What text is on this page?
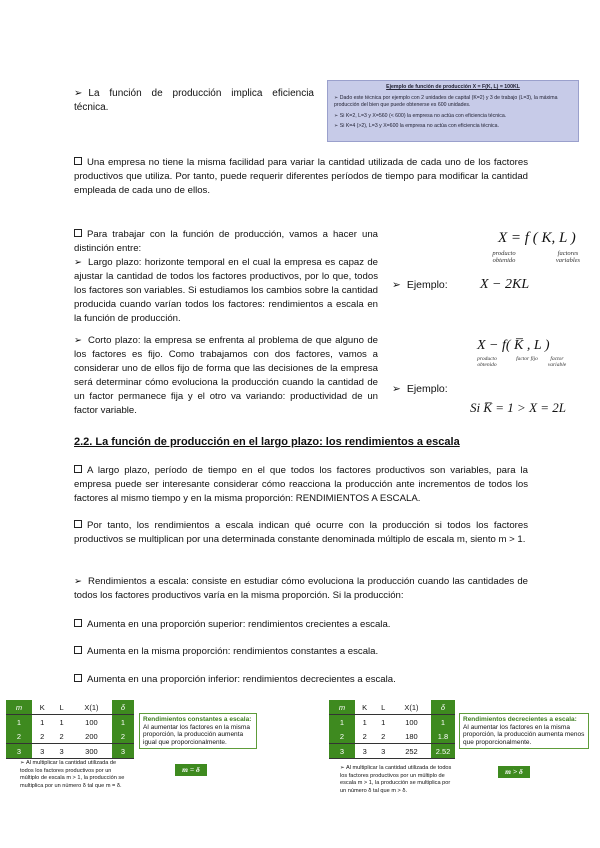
➢ La función de producción implica eficiencia técnica.
Ejemplo de función de producción X = F(K, L) = 100KL
➢ Dado este técnica por ejemplo con 2 unidades de capital (K=2) y 3 de trabajo (L=3), la máxima producción del bien que puede obtenerse es 600 unidades.
➢ Si K=2, L=3 y X=560 (< 600) la empresa no actúa con eficiencia técnica.
➢ Si K=4 (>2), L=3 y X=600 la empresa no actúa con eficiencia técnica.
Una empresa no tiene la misma facilidad para variar la cantidad utilizada de cada uno de los factores productivos que utiliza. Por tanto, puede requerir diferentes períodos de tiempo para modificar la cantidad empleada de cada uno de ellos.
Para trabajar con la función de producción, vamos a hacer una distinción entre:
➢ Largo plazo: horizonte temporal en el cual la empresa es capaz de ajustar la cantidad de todos los factores productivos, por lo que, todos los factores son variables. Si estudiamos los cambios sobre la cantidad producida cuando varían todos los factores: rendimientos a escala en la función de producción.
X = f ( K, L )
producto obtenido
factores variables
➢ Ejemplo: X − 2KL
➢ Corto plazo: la empresa se enfrenta al problema de que alguno de los factores es fijo. Como trabajamos con dos factores, vamos a considerar uno de ellos fijo de forma que las decisiones de la empresa será determinar cómo evoluciona la producción cuando la cantidad de un factor permanece fija y el otro va variando: productividad de un factor variable.
X − f( K̅ , L )
producto obtenido
factor fijo	factor variable
➢ Ejemplo:
Si K̅ = 1 > X = 2L
2.2. La función de producción en el largo plazo: los rendimientos a escala
A largo plazo, período de tiempo en el que todos los factores productivos son variables, para la empresa puede ser interesante considerar cómo reacciona la producción ante incrementos de todos los factores al mismo tiempo y en la misma proporción: RENDIMIENTOS A ESCALA.
Por tanto, los rendimientos a escala indican qué ocurre con la producción si todos los factores productivos se multiplican por una determinada constante denominada múltiplo de escala m, siento m > 1.
➢ Rendimientos a escala: consiste en estudiar cómo evoluciona la producción cuando las cantidades de todos los factores productivos varía en la misma proporción. Si la producción:
Aumenta en una proporción superior: rendimientos crecientes a escala.
Aumenta en la misma proporción: rendimientos constantes a escala.
Aumenta en una proporción inferior: rendimientos decrecientes a escala.
m	K	L	X(1)	δ
1	1	1	100	1
2	2	2	200	2
3	3	3	300	3
Rendimientos constantes a escala:
Al aumentar los factores en la misma proporción, la producción aumenta igual que proporcionalmente.
m = δ
➢ Al multiplicar la cantidad utilizada de todos los factores productivos por un múltiplo de escala m > 1, la producción se multiplica por un número δ tal que m = δ.
m	K	L	X(1)	δ
1	1	1	100	1
2	2	2	180	1.8
3	3	3	252	2.52
Rendimientos decrecientes a escala:
Al aumentar los factores en la misma proporción, la producción aumenta menos que proporcionalmente.
m > δ
➢ Al multiplicar la cantidad utilizada de todos los factores productivos por un múltiplo de escala m > 1, la producción se multiplica por un número δ tal que m > δ.
